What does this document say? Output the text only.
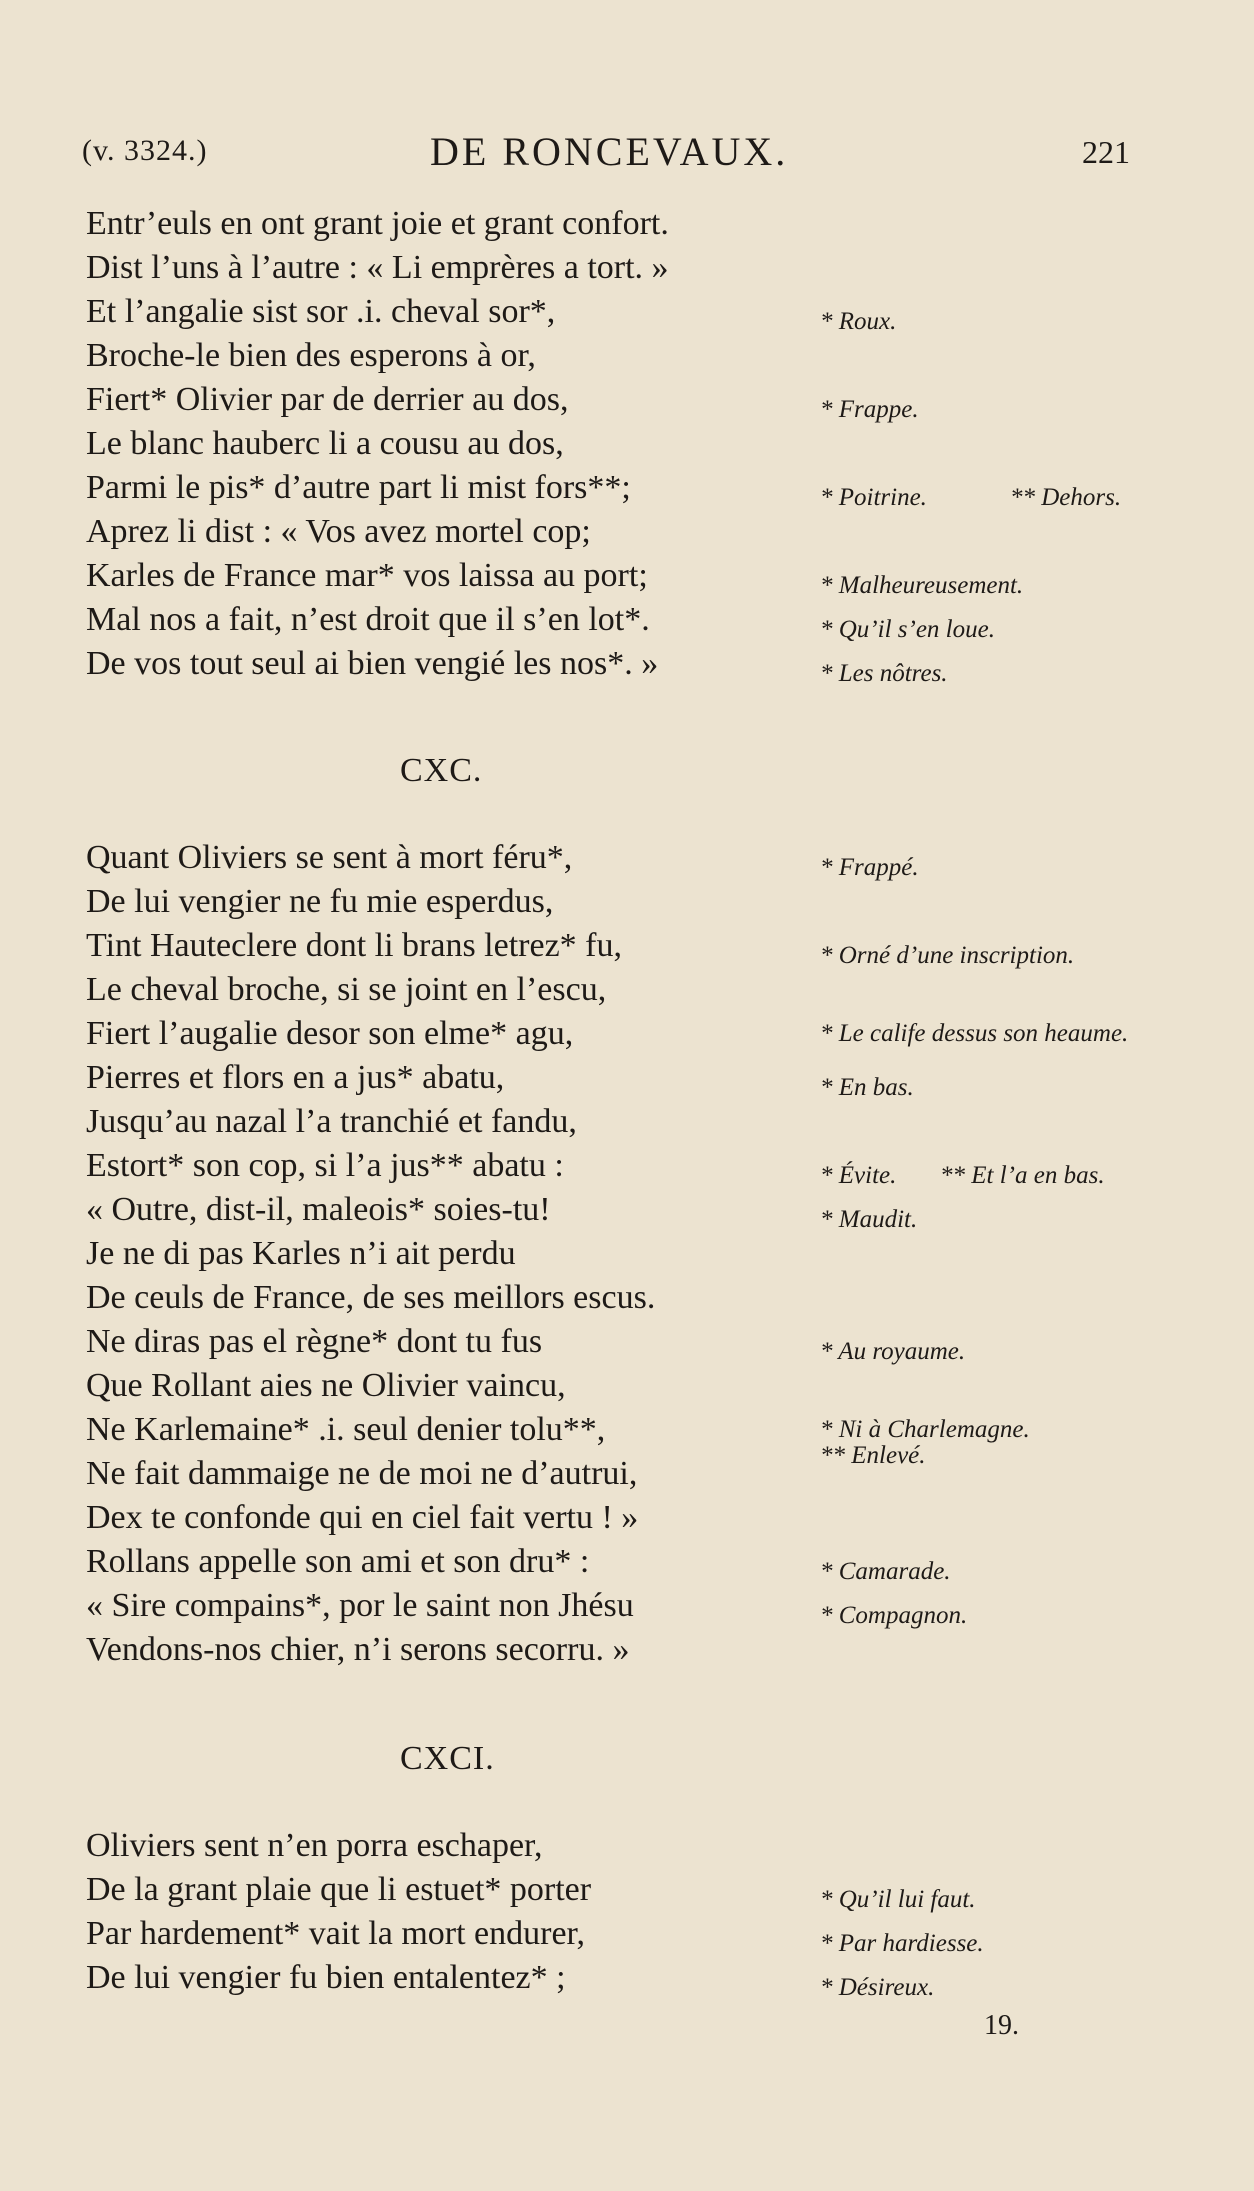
(v. 3324.)	DE RONCEVAUX.	221
Entr’euls en ont grant joie et grant confort.
Dist l’uns à l’autre : « Li emprères a tort. »
Et l’angalie sist sor .i. cheval sor*,
Broche-le bien des esperons à or,
Fiert* Olivier par de derrier au dos,
Le blanc hauberc li a cousu au dos,
Parmi le pis* d’autre part li mist fors**;
Aprez li dist : « Vos avez mortel cop;
Karles de France mar* vos laissa au port;
Mal nos a fait, n’est droit que il s’en lot*.
De vos tout seul ai bien vengié les nos*. »
* Roux.
* Frappe.
* Poitrine.	** Dehors.
* Malheureusement.
* Qu’il s’en loue.
* Les nôtres.
CXC.
Quant Oliviers se sent à mort féru*,
De lui vengier ne fu mie esperdus,
Tint Hauteclere dont li brans letrez* fu,
Le cheval broche, si se joint en l’escu,
Fiert l’augalie desor son elme* agu,
Pierres et flors en a jus* abatu,
Jusqu’au nazal l’a tranchié et fandu,
Estort* son cop, si l’a jus** abatu :
« Outre, dist-il, maleois* soies-tu!
Je ne di pas Karles n’i ait perdu
De ceuls de France, de ses meillors escus.
Ne diras pas el règne* dont tu fus
Que Rollant aies ne Olivier vaincu,
Ne Karlemaine* .i. seul denier tolu**,
Ne fait dammaige ne de moi ne d’autrui,
Dex te confonde qui en ciel fait vertu ! »
Rollans appelle son ami et son dru* :
« Sire compains*, por le saint non Jhésu
Vendons-nos chier, n’i serons secorru. »
* Frappé.
* Orné d’une inscription.
* Le calife dessus son heaume.
* En bas.
* Évite. ** Et l’a en bas.
* Maudit.
* Au royaume.
* Ni à Charlemagne.
** Enlevé.
* Camarade.
* Compagnon.
CXCI.
Oliviers sent n’en porra eschaper,
De la grant plaie que li estuet* porter
Par hardement* vait la mort endurer,
De lui vengier fu bien entalentez* ;
* Qu’il lui faut.
* Par hardiesse.
* Désireux.
19.
